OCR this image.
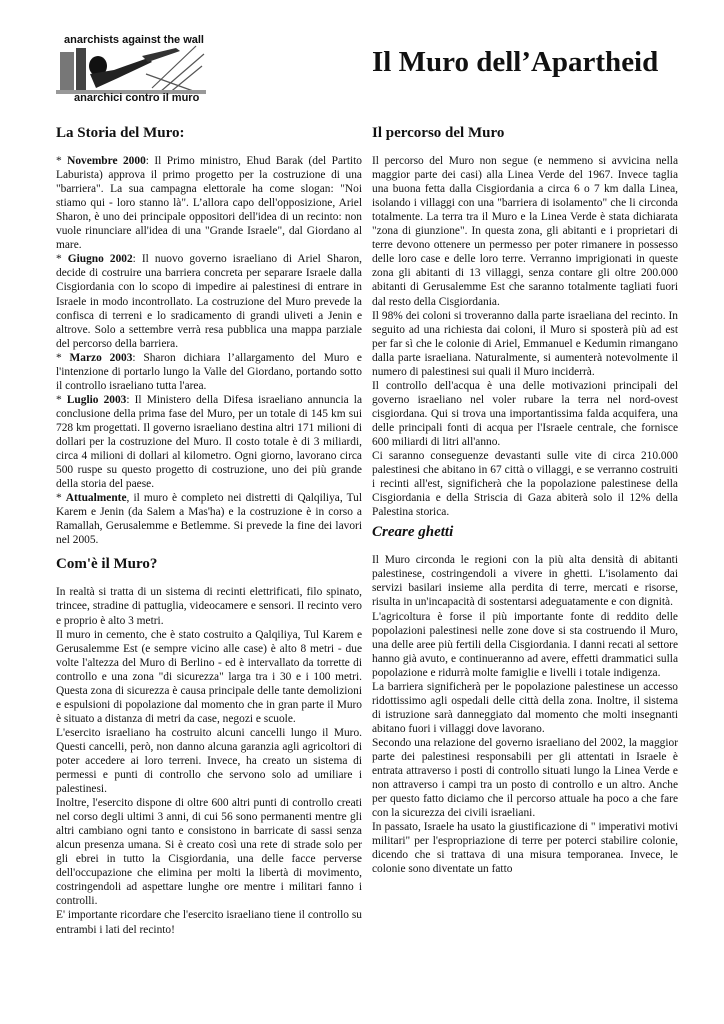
anarchists against the wall
anarchici contro il muro
Il Muro dell’Apartheid
La Storia del Muro:

* Novembre 2000: Il Primo ministro, Ehud Barak (del Partito Laburista) approva il primo progetto per la costruzione di una "barriera". La sua campagna elettorale ha come slogan: "Noi stiamo qui - loro stanno là". L’allora capo dell'opposizione, Ariel Sharon, è uno dei principale oppositori dell'idea di un recinto: non vuole rinunciare all'idea di una "Grande Israele", dal Giordano al mare.

* Giugno 2002: Il nuovo governo israeliano di Ariel Sharon, decide di costruire una barriera concreta per separare Israele dalla Cisgiordania con lo scopo di impedire ai palestinesi di entrare in Israele in modo incontrollato. La costruzione del Muro prevede la confisca di terreni e lo sradicamento di grandi uliveti a Jenin e altrove. Solo a settembre verrà resa pubblica una mappa parziale del percorso della barriera.

* Marzo 2003: Sharon dichiara l’allargamento del Muro e l'intenzione di portarlo lungo la Valle del Giordano, portando sotto il controllo israeliano tutta l'area.

* Luglio 2003: Il Ministero della Difesa israeliano annuncia la conclusione della prima fase del Muro, per un totale di 145 km sui 728 km progettati. Il governo israeliano destina altri 171 milioni di dollari per la costruzione del Muro. Il costo totale è di 3 miliardi, circa 4 milioni di dollari al kilometro. Ogni giorno, lavorano circa 500 ruspe su questo progetto di costruzione, uno dei più grande della storia del paese.

* Attualmente, il muro è completo nei distretti di Qalqiliya, Tul Karem e Jenin (da Salem a Mas'ha) e la costruzione è in corso a Ramallah, Gerusalemme e Betlemme. Si prevede la fine dei lavori nel 2005.

Com'è il Muro?

In realtà si tratta di un sistema di recinti elettrificati, filo spinato, trincee, stradine di pattuglia, videocamere e sensori. Il recinto vero e proprio è alto 3 metri.

Il muro in cemento, che è stato costruito a Qalqiliya, Tul Karem e Gerusalemme Est (e sempre vicino alle case) è alto 8 metri - due volte l'altezza del Muro di Berlino - ed è intervallato da torrette di controllo e una zona "di sicurezza" larga tra i 30 e i 100 metri. Questa zona di sicurezza è causa principale delle tante demolizioni e espulsioni di popolazione dal momento che in gran parte il Muro è situato a distanza di metri da case, negozi e scuole.

L'esercito israeliano ha costruito alcuni cancelli lungo il Muro. Questi cancelli, però, non danno alcuna garanzia agli agricoltori di poter accedere ai loro terreni. Invece, ha creato un sistema di permessi e punti di controllo che servono solo ad umiliare i palestinesi.

Inoltre, l'esercito dispone di oltre 600 altri punti di controllo creati nel corso degli ultimi 3 anni, di cui 56 sono permanenti mentre gli altri cambiano ogni tanto e consistono in barricate di sassi senza alcun presenza umana. Si è creato così una rete di strade solo per gli ebrei in tutto la Cisgiordania, una delle facce perverse dell'occupazione che elimina per molti la libertà di movimento, costringendoli ad aspettare lunghe ore mentre i militari fanno i controlli.

E' importante ricordare che l'esercito israeliano tiene il controllo su entrambi i lati del recinto!

Il percorso del Muro

Il percorso del Muro non segue (e nemmeno si avvicina nella maggior parte dei casi) alla Linea Verde del 1967. Invece taglia una buona fetta dalla Cisgiordania a circa 6 o 7 km dalla Linea, isolando i villaggi con una "barriera di isolamento" che li circonda totalmente. La terra tra il Muro e la Linea Verde è stata dichiarata "zona di giunzione". In questa zona, gli abitanti e i proprietari di terre devono ottenere un permesso per poter rimanere in possesso delle loro case e delle loro terre. Verranno imprigionati in queste zona gli abitanti di 13 villaggi, senza contare gli oltre 200.000 abitanti di Gerusalemme Est che saranno totalmente tagliati fuori dal resto della Cisgiordania.

Il 98% dei coloni si troveranno dalla parte israeliana del recinto. In seguito ad una richiesta dai coloni, il Muro si sposterà più ad est per far sì che le colonie di Ariel, Emmanuel e Kedumin rimangano dalla parte israeliana. Naturalmente, si aumenterà notevolmente il numero di palestinesi sui quali il Muro inciderrà.

Il controllo dell'acqua è una delle motivazioni principali del governo israeliano nel voler rubare la terra nel nord-ovest cisgiordana. Qui si trova una importantissima falda acquifera, una delle principali fonti di acqua per l'Israele centrale, che fornisce 600 miliardi di litri all'anno.

Ci saranno conseguenze devastanti sulle vite di circa 210.000 palestinesi che abitano in 67 città o villaggi, e se verranno costruiti i recinti all'est, significherà che la popolazione palestinese della Cisgiordania e della Striscia di Gaza abiterà solo il 12% della Palestina storica.

Creare ghetti

Il Muro circonda le regioni con la più alta densità di abitanti palestinese, costringendoli a vivere in ghetti. L'isolamento dai servizi basilari insieme alla perdita di terre, mercati e risorse, risulta in un'incapacità di sostentarsi adeguatamente e con dignità.

L'agricoltura è forse il più importante fonte di reddito delle popolazioni palestinesi nelle zone dove si sta costruendo il Muro, una delle aree più fertili della Cisgiordania. I danni recati al settore hanno già avuto, e continueranno ad avere, effetti drammatici sulla popolazione e ridurrà molte famiglie e livelli i totale indigenza.

La barriera significherà per le popolazione palestinese un accesso ridottissimo agli ospedali delle città della zona. Inoltre, il sistema di istruzione sarà danneggiato dal momento che molti insegnanti abitano fuori i villaggi dove lavorano.

Secondo una relazione del governo israeliano del 2002, la maggior parte dei palestinesi responsabili per gli attentati in Israele è entrata attraverso i posti di controllo situati lungo la Linea Verde e non attraverso i campi tra un posto di controllo e un altro. Anche per questo fatto diciamo che il percorso attuale ha poco a che fare con la sicurezza dei civili israeliani.

In passato, Israele ha usato la giustificazione di " imperativi motivi militari" per l'espropriazione di terre per poterci stabilire colonie, dicendo che si trattava di una misura temporanea. Invece, le colonie sono diventate un fatto
